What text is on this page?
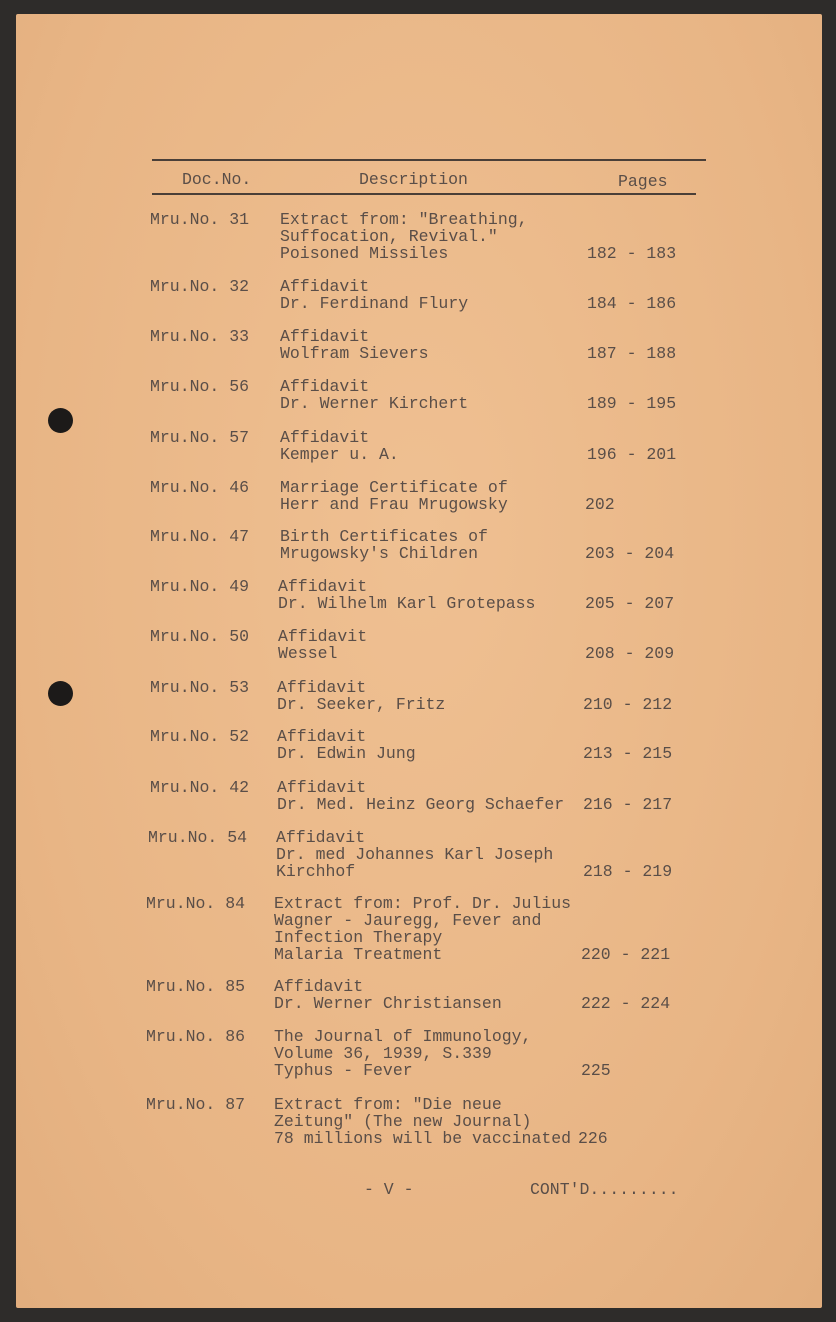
Doc.No.	Description	Pages
Mru.No. 31 Extract from: "Breathing,
Suffocation, Revival."
Poisoned Missiles	182 - 183
Mru.No. 32 Affidavit
Dr. Ferdinand Flury	184 - 186
Mru.No. 33 Affidavit
Wolfram Sievers	187 - 188
Mru.No. 56 Affidavit
Dr. Werner Kirchert	189 - 195
Mru.No. 57 Affidavit
Kemper u. A.	196 - 201
Mru.No. 46 Marriage Certificate of
Herr and Frau Mrugowsky	202
Mru.No. 47 Birth Certificates of
Mrugowsky's Children	203 - 204
Mru.No. 49 Affidavit
Dr. Wilhelm Karl Grotepass	205 - 207
Mru.No. 50 Affidavit
Wessel	208 - 209
Mru.No. 53 Affidavit
Dr. Seeker, Fritz	210 - 212
Mru.No. 52 Affidavit
Dr. Edwin Jung	213 - 215
Mru.No. 42 Affidavit
Dr. Med. Heinz Georg Schaefer 216 - 217
Mru.No. 54 Affidavit
Dr. med Johannes Karl Joseph
Kirchhof	218 - 219
Mru.No. 84 Extract from: Prof. Dr. Julius
Wagner - Jauregg, Fever and
Infection Therapy
Malaria Treatment	220 - 221
Mru.No. 85 Affidavit
Dr. Werner Christiansen	222 - 224
Mru.No. 86 The Journal of Immunology,
Volume 36, 1939, S.339
Typhus - Fever	225
Mru.No. 87 Extract from: "Die neue
Zeitung" (The new Journal)
78 millions will be vaccinated 226
- V -	CONT'D.........
